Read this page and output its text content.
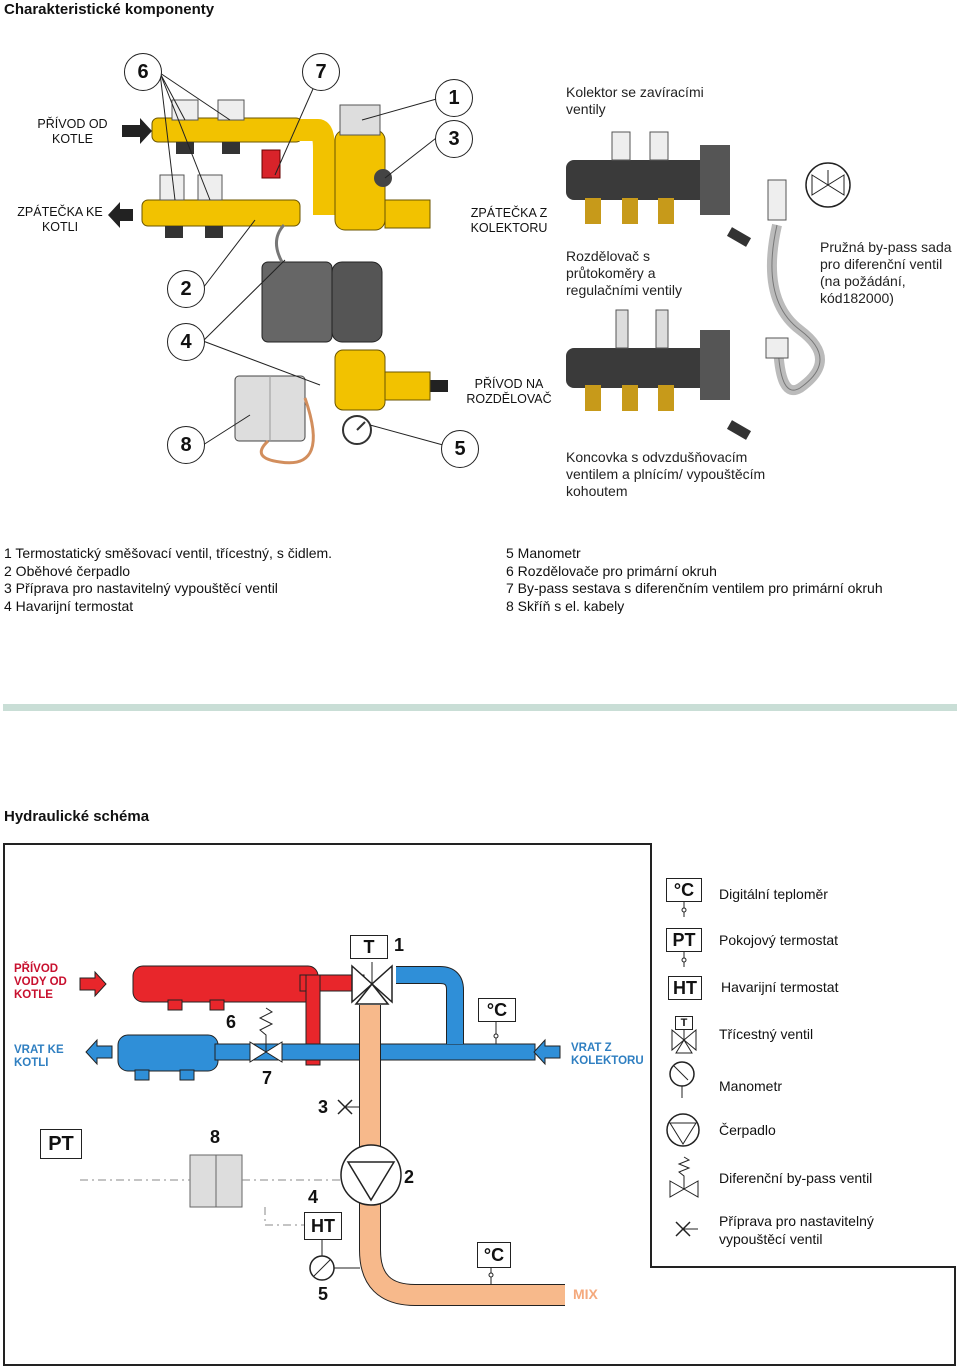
Charakteristické komponenty
6	7
1
3
2
4
8	5
PŘÍVOD OD KOTLE
ZPÁTEČKA KE KOTLI
ZPÁTEČKA Z KOLEKTORU
PŘÍVOD NA ROZDĚLOVAČ
Kolektor se zavíracími ventily
Rozdělovač s průtokoměry a regulačními ventily
Pružná by-pass sada pro diferenční ventil (na požádání, kód182000)
Koncovka s odvzdušňovacím ventilem a plnícím/ vypouštěcím kohoutem
1 Termostatický směšovací ventil, třícestný, s čidlem.
2 Oběhové čerpadlo
3 Příprava pro nastavitelný vypouštěcí ventil
4 Havarijní termostat
5 Manometr
6 Rozdělovače pro primární okruh
7 By-pass sestava s diferenčním ventilem pro primární okruh
8 Skříň s el. kabely
Hydraulické schéma
PŘÍVOD VODY OD KOTLE
VRAT KE KOTLI
VRAT Z KOLEKTORU
MIX
T	1
°C
6
7
3
PT	8
2
4
HT
°C
5
°C	Digitální teploměr
PT	Pokojový termostat
HT	Havarijní termostat
T
Třícestný ventil
Manometr
Čerpadlo
Diferenční by-pass ventil
Příprava pro nastavitelný vypouštěcí ventil
